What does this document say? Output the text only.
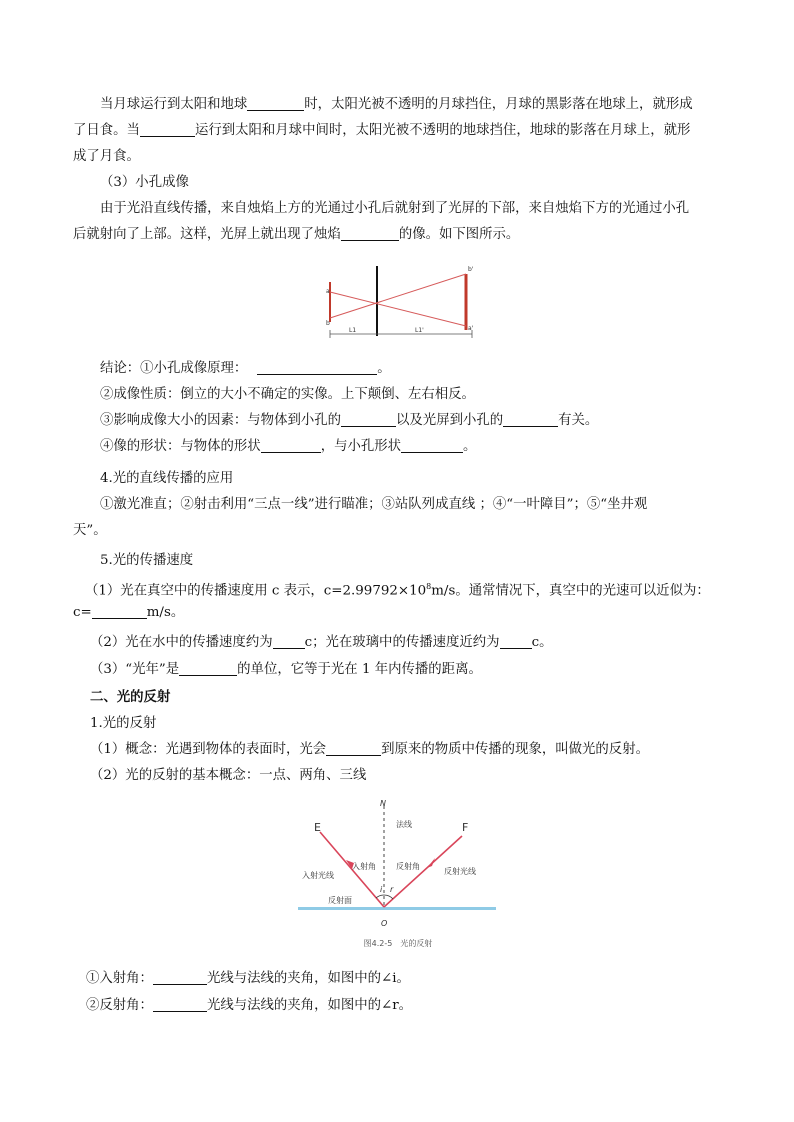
当月球运行到太阳和地球	时，太阳光被不透明的月球挡住，月球的黑影落在地球上，就形成
了日食。当	运行到太阳和月球中间时，太阳光被不透明的地球挡住，地球的影落在月球上，就形
成了月食。
（3）小孔成像
由于光沿直线传播，来自烛焰上方的光通过小孔后就射到了光屏的下部，来自烛焰下方的光通过小孔
后就射向了上部。这样，光屏上就出现了烛焰	的像。如下图所示。
a
b
b'
a'
L1	L1'
结论：①小孔成像原理：	。
②成像性质：倒立的大小不确定的实像。上下颠倒、左右相反。
③影响成像大小的因素：与物体到小孔的	以及光屏到小孔的	有关。
④像的形状：与物体的形状	，与小孔形状	。
4.光的直线传播的应用
①激光准直；②射击利用“三点一线”进行瞄准；③站队列成直线 ；④“一叶障目”；⑤“坐井观
天”。
5.光的传播速度
（1）光在真空中的传播速度用 c 表示，$c=2.99792\times 10^8m/s$。通常情况下，真空中的光速可以近似为：
c=	m/s。
（2）光在水中的传播速度约为 c；光在玻璃中的传播速度近约为 c。
（3）“光年”是	的单位，它等于光在 1 年内传播的距离。
二、光的反射
1.光的反射
（1）概念：光遇到物体的表面时，光会	到原来的物质中传播的现象，叫做光的反射。
（2）光的反射的基本概念：一点、两角、三线
N
法线
E	F
入射光线
入射角	反射角
反射光线
i r
反射面
O
图4.2-5　光的反射
①入射角：	光线与法线的夹角，如图中的∠i。
②反射角：	光线与法线的夹角，如图中的∠r。
